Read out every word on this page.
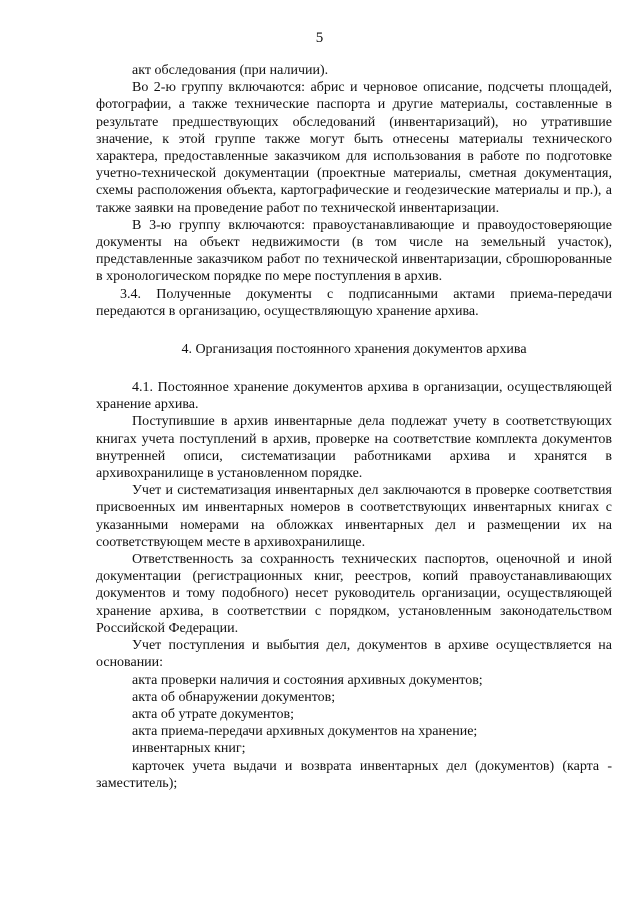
5

акт обследования (при наличии).

Во 2-ю группу включаются: абрис и черновое описание, подсчеты площадей, фотографии, а также технические паспорта и другие материалы, составленные в результате предшествующих обследований (инвентаризаций), но утратившие значение, к этой группе также могут быть отнесены материалы технического характера, предоставленные заказчиком для использования в работе по подготовке учетно-технической документации (проектные материалы, сметная документация, схемы расположения объекта, картографические и геодезические материалы и пр.), а также заявки на проведение работ по технической инвентаризации.

В 3-ю группу включаются: правоустанавливающие и правоудостоверяющие документы на объект недвижимости (в том числе на земельный участок), представленные заказчиком работ по технической инвентаризации, сброшюрованные в хронологическом порядке по мере поступления в архив.

3.4. Полученные документы с подписанными актами приема-передачи передаются в организацию, осуществляющую хранение архива.

4. Организация постоянного хранения документов архива

4.1. Постоянное хранение документов архива в организации, осуществляющей хранение архива.

Поступившие в архив инвентарные дела подлежат учету в соответствующих книгах учета поступлений в архив, проверке на соответствие комплекта документов внутренней описи, систематизации работниками архива и хранятся в архивохранилище в установленном порядке.

Учет и систематизация инвентарных дел заключаются в проверке соответствия присвоенных им инвентарных номеров в соответствующих инвентарных книгах с указанными номерами на обложках инвентарных дел и размещении их на соответствующем месте в архивохранилище.

Ответственность за сохранность технических паспортов, оценочной и иной документации (регистрационных книг, реестров, копий правоустанавливающих документов и тому подобного) несет руководитель организации, осуществляющей хранение архива, в соответствии с порядком, установленным законодательством Российской Федерации.

Учет поступления и выбытия дел, документов в архиве осуществляется на основании:

акта проверки наличия и состояния архивных документов;

акта об обнаружении документов;

акта об утрате документов;

акта приема-передачи архивных документов на хранение;

инвентарных книг;

карточек учета выдачи и возврата инвентарных дел (документов) (карта - заместитель);
